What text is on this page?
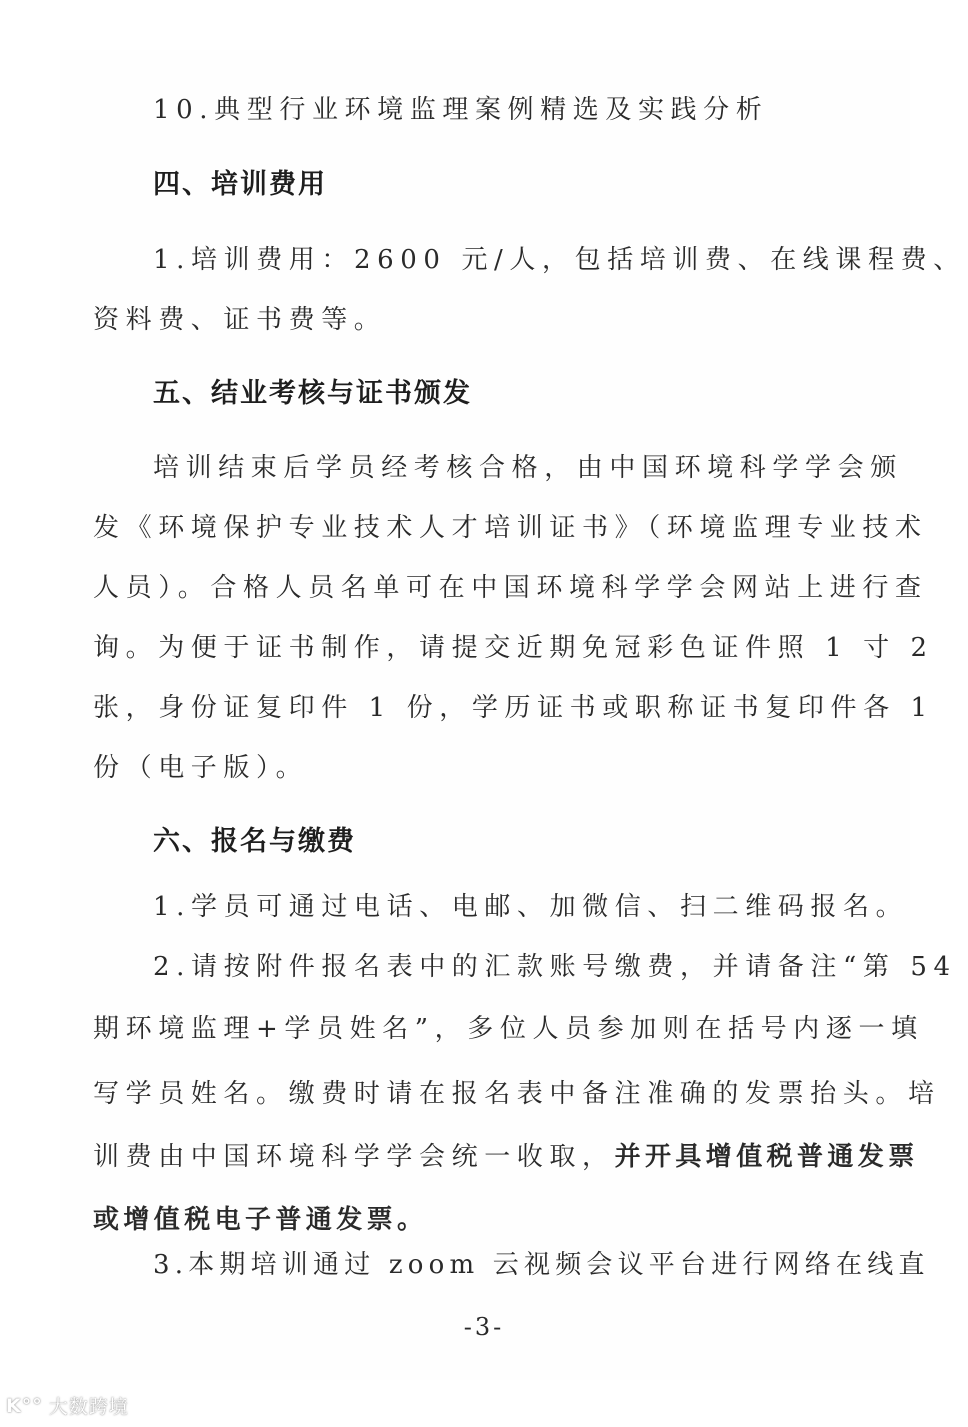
10.典型行业环境监理案例精选及实践分析
四、培训费用
1.培训费用：2600 元/人，包括培训费、在线课程费、
资料费、证书费等。
五、结业考核与证书颁发
培训结束后学员经考核合格，由中国环境科学学会颁
发《环境保护专业技术人才培训证书》（环境监理专业技术
人员）。合格人员名单可在中国环境科学学会网站上进行查
询。为便于证书制作，请提交近期免冠彩色证件照 1 寸 2
张，身份证复印件 1 份，学历证书或职称证书复印件各 1
份（电子版）。
六、报名与缴费
1.学员可通过电话、电邮、加微信、扫二维码报名。
2.请按附件报名表中的汇款账号缴费，并请备注“第 54
期环境监理+学员姓名”，多位人员参加则在括号内逐一填
写学员姓名。缴费时请在报名表中备注准确的发票抬头。培
训费由中国环境科学学会统一收取，并开具增值税普通发票
或增值税电子普通发票。
3.本期培训通过 zoom 云视频会议平台进行网络在线直
-3-
K°° 大数跨境
